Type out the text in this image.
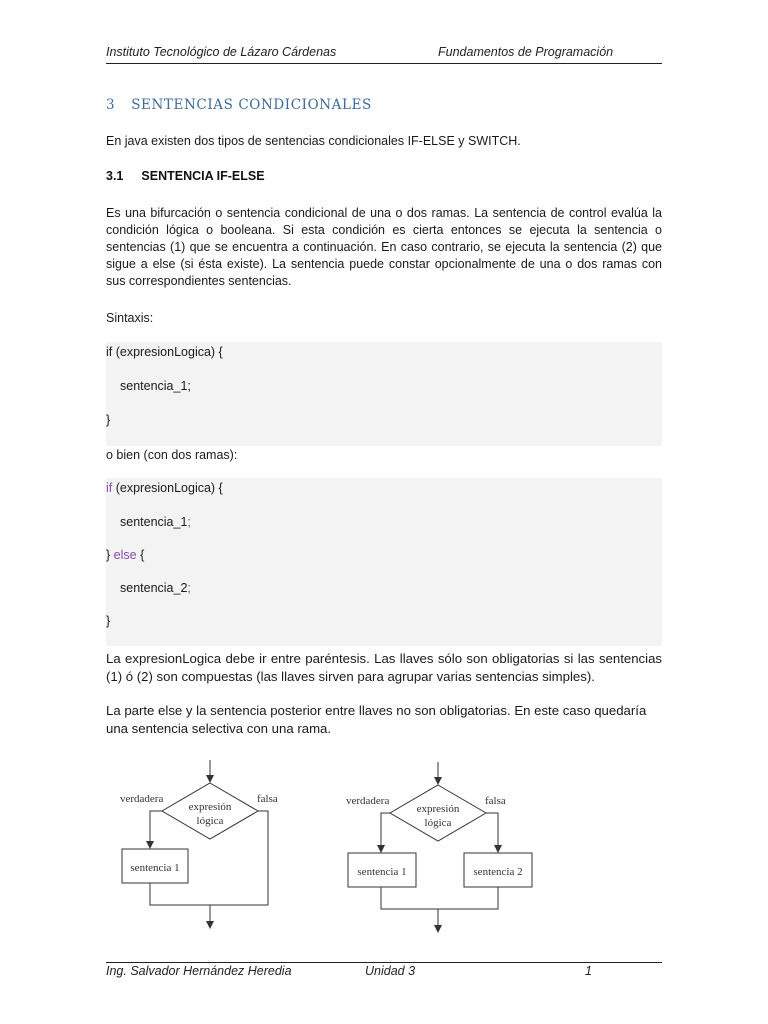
Instituto Tecnológico de Lázaro Cárdenas	Fundamentos de Programación
3 SENTENCIAS CONDICIONALES
En java existen dos tipos de sentencias condicionales IF-ELSE y SWITCH.
3.1 SENTENCIA IF-ELSE
Es una bifurcación o sentencia condicional de una o dos ramas. La sentencia de control evalúa la condición lógica o booleana. Si esta condición es cierta entonces se ejecuta la sentencia o sentencias (1) que se encuentra a continuación. En caso contrario, se ejecuta la sentencia (2) que sigue a else (si ésta existe). La sentencia puede constar opcionalmente de una o dos ramas con sus correspondientes sentencias.
Sintaxis:
if (expresionLogica) {
sentencia_1;
}
o bien (con dos ramas):
if (expresionLogica) {
sentencia_1;
} else {
sentencia_2;
}
La expresionLogica debe ir entre paréntesis. Las llaves sólo son obligatorias si las sentencias (1) ó (2) son compuestas (las llaves sirven para agrupar varias sentencias simples).
La parte else y la sentencia posterior entre llaves no son obligatorias. En este caso quedaría una sentencia selectiva con una rama.
expresión
lógica
verdadera	falsa
sentencia 1
expresión
lógica
verdadera	falsa
sentencia 1	sentencia 2
Ing. Salvador Hernández Heredia	Unidad 3	1
